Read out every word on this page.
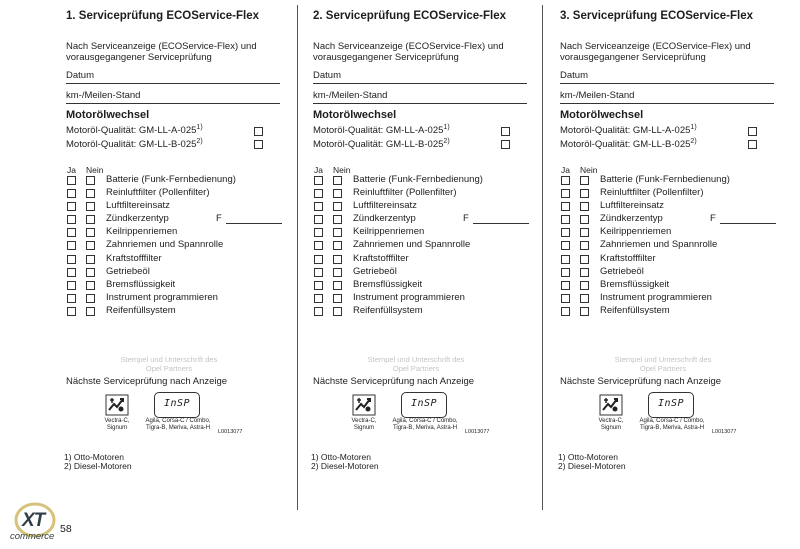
1. Serviceprüfung ECOService-Flex
Nach Serviceanzeige (ECOService-Flex) und vorausgegangener Serviceprüfung
Datum
km-/Meilen-Stand
Motorölwechsel
Motoröl-Qualität: GM-LL-A-025$^{1)}$
Motoröl-Qualität: GM-LL-B-025$^{2)}$
Ja Nein
Batterie (Funk-Fernbedienung)
Reinluftfilter (Pollenfilter)
Luftfiltereinsatz
Zündkerzentyp	F
Keilrippenriemen
Zahnriemen und Spannrolle
Kraftstofffilter
Getriebeöl
Bremsflüssigkeit
Instrument programmieren
Reifenfüllsystem
Stempel und Unterschrift des
Opel Partners
Nächste Serviceprüfung nach Anzeige
Vectra-C,
Signum
InSP
Agila, Corsa-C / Combo,
Tigra-B, Meriva, Astra-H
L0013077
1) Otto-Motoren
2) Diesel-Motoren
2. Serviceprüfung ECOService-Flex
Nach Serviceanzeige (ECOService-Flex) und vorausgegangener Serviceprüfung
Datum
km-/Meilen-Stand
Motorölwechsel
Motoröl-Qualität: GM-LL-A-025$^{1)}$
Motoröl-Qualität: GM-LL-B-025$^{2)}$
Ja Nein
Batterie (Funk-Fernbedienung)
Reinluftfilter (Pollenfilter)
Luftfiltereinsatz
Zündkerzentyp	F
Keilrippenriemen
Zahnriemen und Spannrolle
Kraftstofffilter
Getriebeöl
Bremsflüssigkeit
Instrument programmieren
Reifenfüllsystem
Stempel und Unterschrift des
Opel Partners
Nächste Serviceprüfung nach Anzeige
Vectra-C,
Signum
InSP
Agila, Corsa-C / Combo,
Tigra-B, Meriva, Astra-H
L0013077
1) Otto-Motoren
2) Diesel-Motoren
3. Serviceprüfung ECOService-Flex
Nach Serviceanzeige (ECOService-Flex) und vorausgegangener Serviceprüfung
Datum
km-/Meilen-Stand
Motorölwechsel
Motoröl-Qualität: GM-LL-A-025$^{1)}$
Motoröl-Qualität: GM-LL-B-025$^{2)}$
Ja Nein
Batterie (Funk-Fernbedienung)
Reinluftfilter (Pollenfilter)
Luftfiltereinsatz
Zündkerzentyp	F
Keilrippenriemen
Zahnriemen und Spannrolle
Kraftstofffilter
Getriebeöl
Bremsflüssigkeit
Instrument programmieren
Reifenfüllsystem
Stempel und Unterschrift des
Opel Partners
Nächste Serviceprüfung nach Anzeige
Vectra-C,
Signum
InSP
Agila, Corsa-C / Combo,
Tigra-B, Meriva, Astra-H
L0013077
1) Otto-Motoren
2) Diesel-Motoren
XT
commerce
58
